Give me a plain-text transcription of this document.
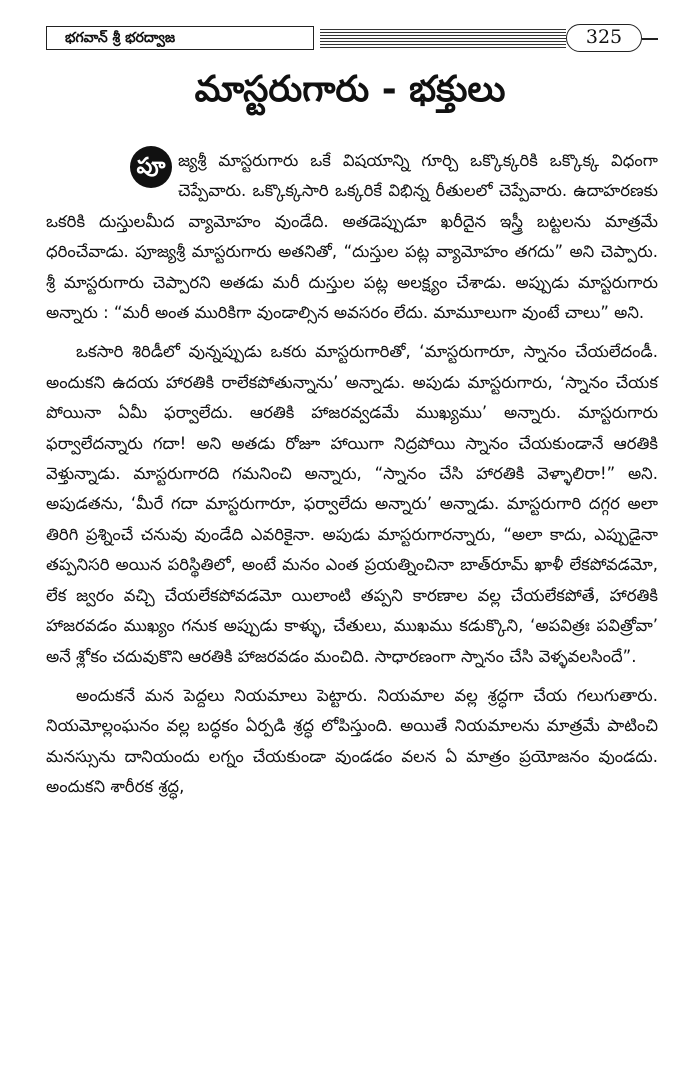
భగవాన్ శ్రీ భరద్వాజ	325
మాస్టరుగారు - భక్తులు

పూ జ్యశ్రీ మాస్టరుగారు ఒకే విషయాన్ని గూర్చి ఒక్కొక్కరికి ఒక్కొక్క విధంగా చెప్పేవారు. ఒక్కొక్కసారి ఒక్కరికే విభిన్న రీతులలో చెప్పేవారు. ఉదాహరణకు ఒకరికి దుస్తులమీద వ్యామోహం వుండేది. అతడెప్పుడూ ఖరీదైన ఇస్త్రీ బట్టలను మాత్రమే ధరించేవాడు. పూజ్యశ్రీ మాస్టరుగారు అతనితో, “దుస్తుల పట్ల వ్యామోహం తగదు” అని చెప్పారు. శ్రీ మాస్టరుగారు చెప్పారని అతడు మరీ దుస్తుల పట్ల అలక్ష్యం చేశాడు. అప్పుడు మాస్టరుగారు అన్నారు : “మరీ అంత మురికిగా వుండాల్సిన అవసరం లేదు. మామూలుగా వుంటే చాలు” అని.

ఒకసారి శిరిడీలో వున్నప్పుడు ఒకరు మాస్టరుగారితో, ‘మాస్టరుగారూ, స్నానం చేయలేదండీ. అందుకని ఉదయ హారతికి రాలేకపోతున్నాను’ అన్నాడు. అపుడు మాస్టరుగారు, ‘స్నానం చేయక పోయినా ఏమీ ఫర్వాలేదు. ఆరతికి హాజరవ్వడమే ముఖ్యము’ అన్నారు. మాస్టరుగారు ఫర్వాలేదన్నారు గదా! అని అతడు రోజూ హాయిగా నిద్రపోయి స్నానం చేయకుండానే ఆరతికి వెళ్తున్నాడు. మాస్టరుగారది గమనించి అన్నారు, “స్నానం చేసి హారతికి వెళ్ళాలిరా!” అని. అపుడతను, ‘మీరే గదా మాస్టరుగారూ, ఫర్వాలేదు అన్నారు’ అన్నాడు. మాస్టరుగారి దగ్గర అలా తిరిగి ప్రశ్నించే చనువు వుండేది ఎవరికైనా. అపుడు మాస్టరుగారన్నారు, “అలా కాదు, ఎప్పుడైనా తప్పనిసరి అయిన పరిస్థితిలో, అంటే మనం ఎంత ప్రయత్నించినా బాత్‌రూమ్ ఖాళీ లేకపోవడమో, లేక జ్వరం వచ్చి చేయలేకపోవడమో యిలాంటి తప్పని కారణాల వల్ల చేయలేకపోతే, హారతికి హాజరవడం ముఖ్యం గనుక అప్పుడు కాళ్ళు, చేతులు, ముఖము కడుక్కొని, ‘అపవిత్రః పవిత్రోవా’ అనే శ్లోకం చదువుకొని ఆరతికి హాజరవడం మంచిది. సాధారణంగా స్నానం చేసి వెళ్ళవలసిందే”.

అందుకనే మన పెద్దలు నియమాలు పెట్టారు. నియమాల వల్ల శ్రద్ధగా చేయ గలుగుతారు. నియమోల్లంఘనం వల్ల బద్ధకం ఏర్పడి శ్రద్ధ లోపిస్తుంది. అయితే నియమాలను మాత్రమే పాటించి మనస్సును దానియందు లగ్నం చేయకుండా వుండడం వలన ఏ మాత్రం ప్రయోజనం వుండదు. అందుకని శారీరక శ్రద్ధ,
